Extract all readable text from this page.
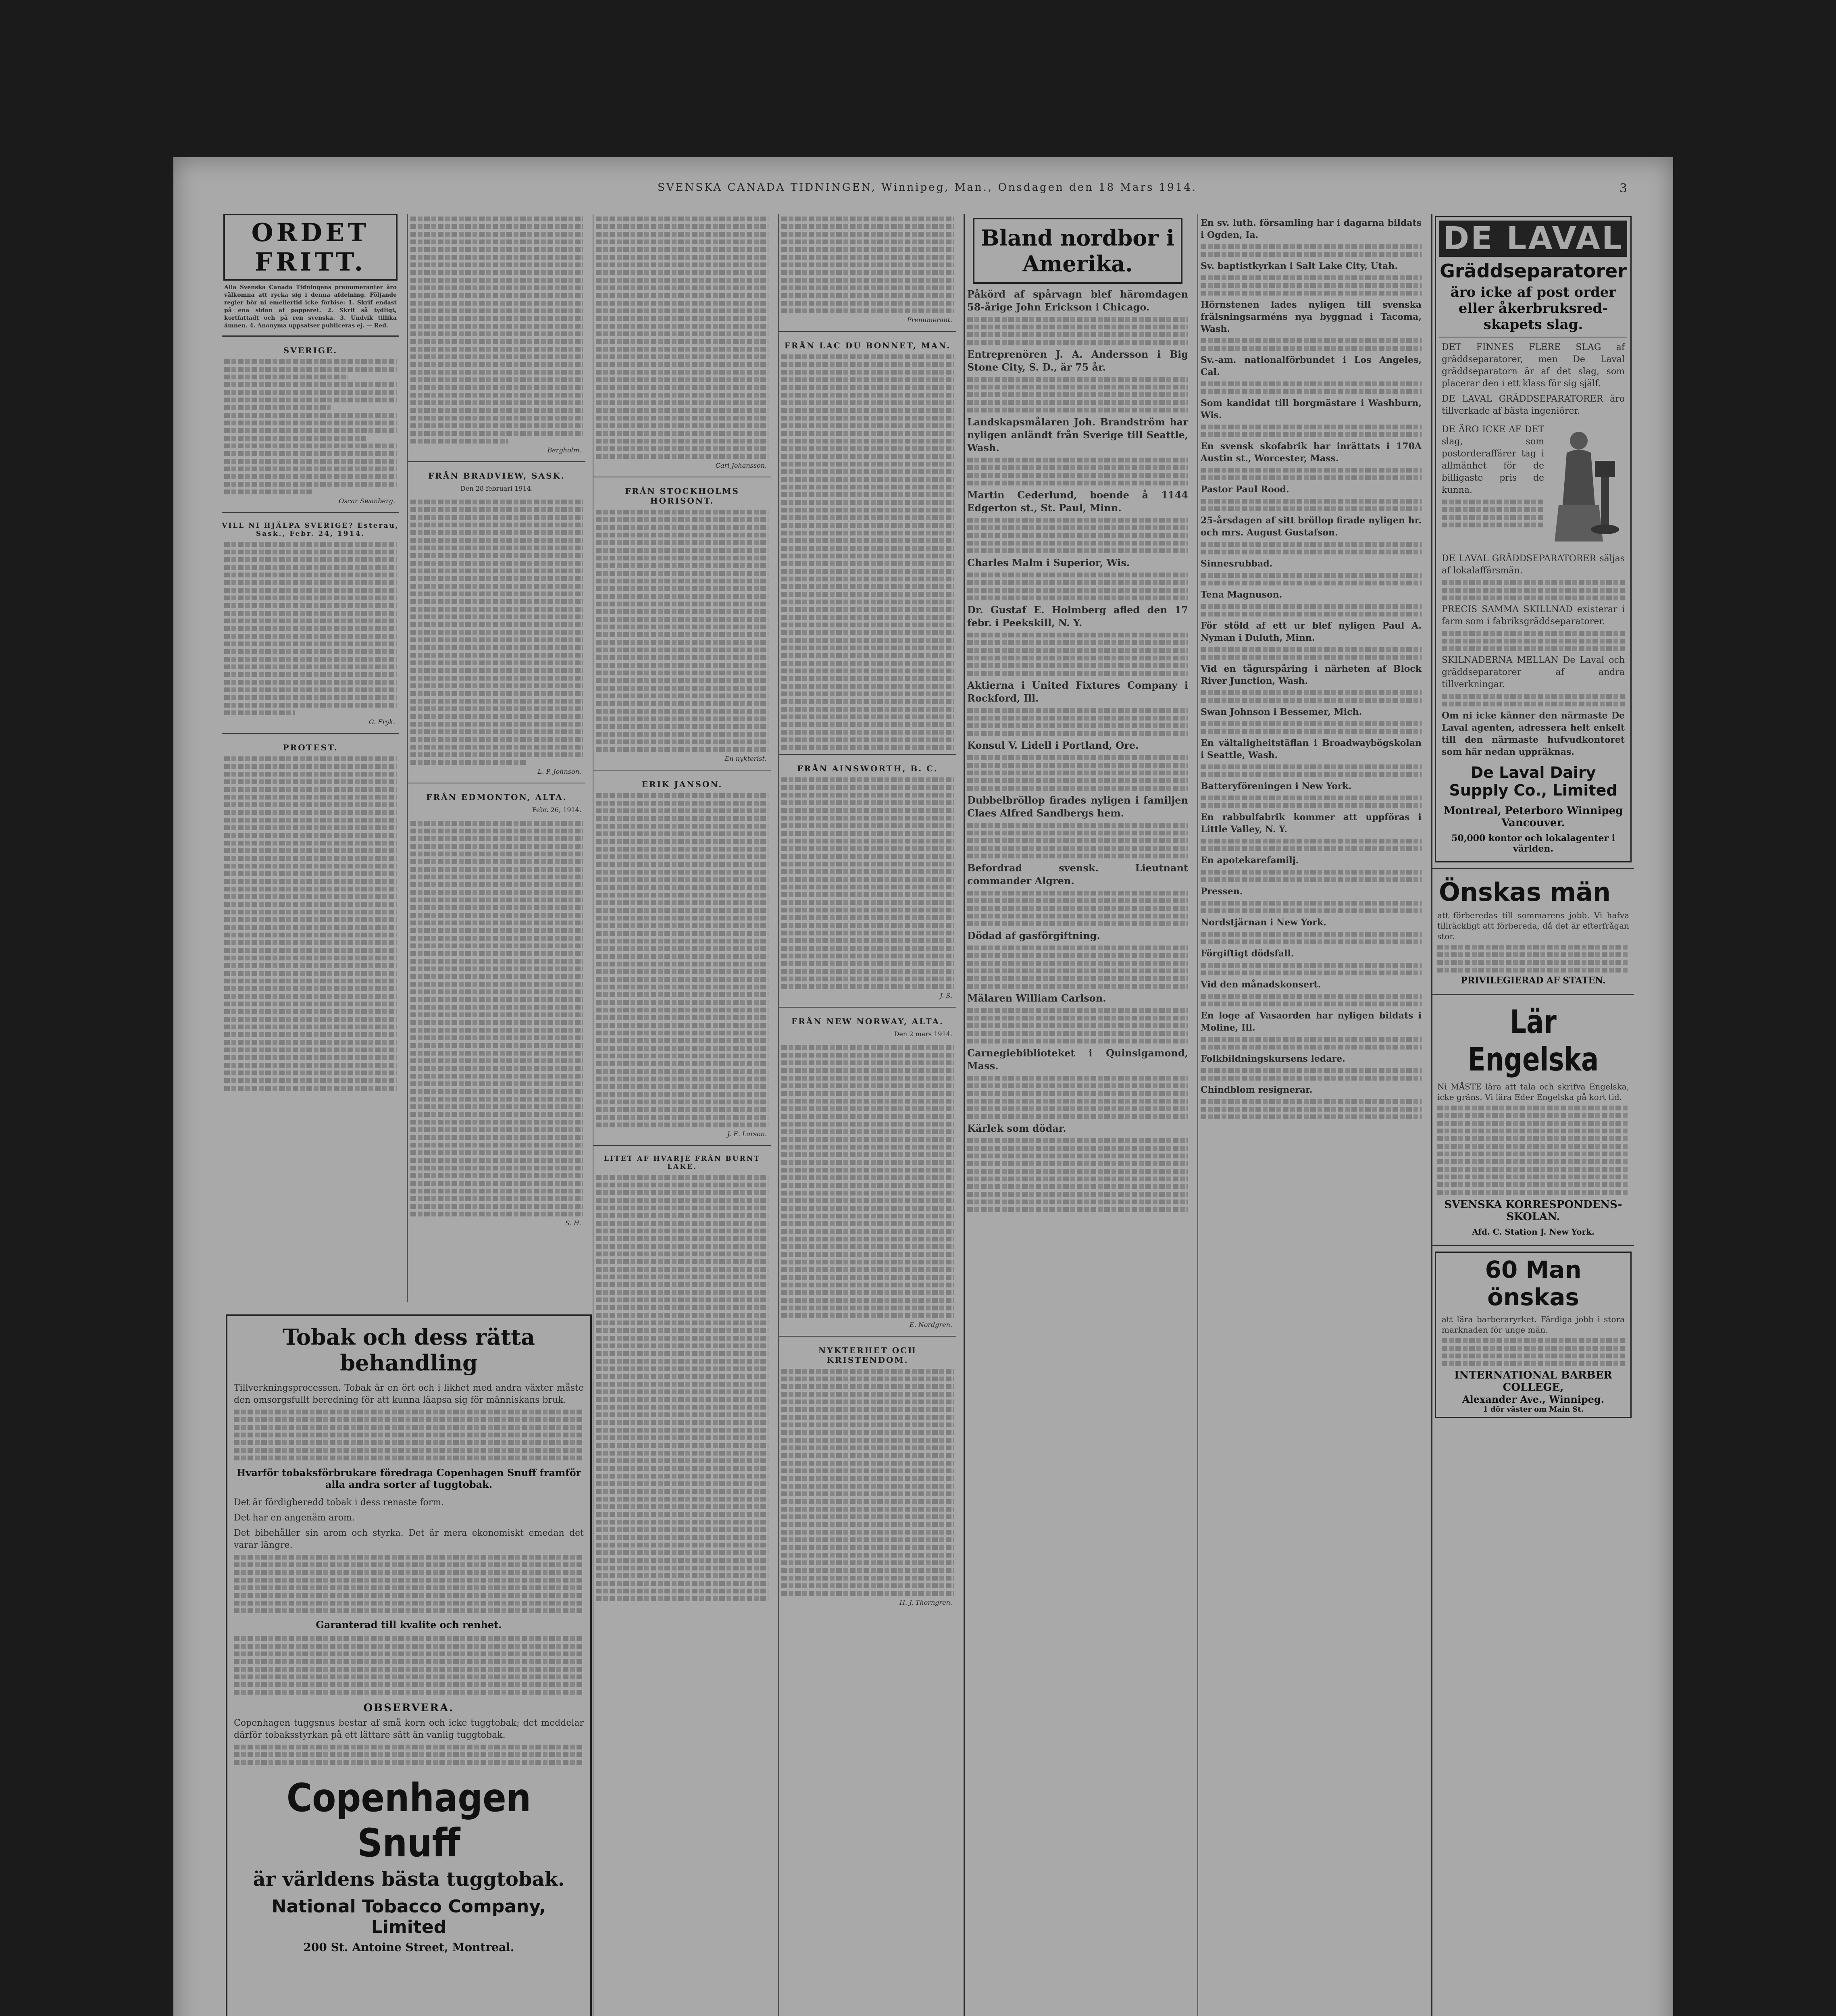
SVENSKA CANADA TIDNINGEN, Winnipeg, Man., Onsdagen den 18 Mars 1914.	3
ORDET FRITT.
Alla Svenska Canada Tidningens prenumeranter äro välkomna att rycka sig i denna afdelning. Följande regler bör ni emellertid icke förbise: 1. Skrif endast på ena sidan af papperet. 2. Skrif så tydligt, kortfattadt och på ren svenska. 3. Undvik tillika ämnen. 4. Anonyma uppsatser publiceras ej. — Red.
SVERIGE.
Oscar Swanberg.
VILL NI HJÄLPA SVERIGE? Esterau, Sask., Febr. 24, 1914.
G. Fryk.
PROTEST.
Bergholm.
FRÅN BRADVIEW, SASK.
Den 28 februari 1914.
L. P. Johnson.
FRÅN EDMONTON, ALTA.
Febr. 26, 1914.
S. H.
Tobak och dess rätta behandling
Tillverkningsprocessen. Tobak är en ört och i likhet med andra växter måste den omsorgsfullt beredning för att kunna läapsa sig för människans bruk.
Hvarför tobaksförbrukare föredraga Copenhagen Snuff framför alla andra sorter af tuggtobak.
Det är fördigberedd tobak i dess renaste form.
Det har en angenäm arom.
Det bibehåller sin arom och styrka. Det är mera ekonomiskt emedan det varar längre.
Garanterad till kvalite och renhet.
OBSERVERA.
Copenhagen tuggsnus bestar af små korn och icke tuggtobak; det meddelar därför tobaksstyrkan på ett lättare sätt än vanlig tuggtobak.
Copenhagen Snuff
är världens bästa tuggtobak.
National Tobacco Company, Limited
200 St. Antoine Street, Montreal.
Carl Johansson.
FRÅN STOCKHOLMS HORISONT.
En nykterist.
ERIK JANSON.
J. E. Larson.
LITET AF HVARJE FRÅN BURNT LAKE.
Prenumerant.
FRÅN LAC DU BONNET, MAN.
FRÅN AINSWORTH, B. C.
J. S.
FRÅN NEW NORWAY, ALTA.
Den 2 mars 1914.
E. Nordgren.
NYKTERHET OCH KRISTENDOM.
H. J. Thorngren.
Bland nordbor i Amerika.
Påkörd af spårvagn blef häromdagen 58-årige John Erickson i Chicago.
Entreprenören J. A. Andersson i Big Stone City, S. D., är 75 år.
Landskapsmålaren Joh. Brandström har nyligen anländt från Sverige till Seattle, Wash.
Martin Cederlund, boende å 1144 Edgerton st., St. Paul, Minn.
Charles Malm i Superior, Wis.
Dr. Gustaf E. Holmberg afled den 17 febr. i Peekskill, N. Y.
Aktierna i United Fixtures Company i Rockford, Ill.
Konsul V. Lidell i Portland, Ore.
Dubbelbröllop firades nyligen i familjen Claes Alfred Sandbergs hem.
Befordrad svensk. Lieutnant commander Algren.
Dödad af gasförgiftning.
Mälaren William Carlson.
Carnegiebiblioteket i Quinsigamond, Mass.
Kärlek som dödar.
En sv. luth. församling har i dagarna bildats i Ogden, Ia.
Sv. baptistkyrkan i Salt Lake City, Utah.
Hörnstenen lades nyligen till svenska frälsningsarméns nya byggnad i Tacoma, Wash.
Sv.-am. nationalförbundet i Los Angeles, Cal.
Som kandidat till borgmästare i Washburn, Wis.
En svensk skofabrik har inrättats i 170A Austin st., Worcester, Mass.
Pastor Paul Rood.
25-årsdagen af sitt bröllop firade nyligen hr. och mrs. August Gustafson.
Sinnesrubbad.
Tena Magnuson.
För stöld af ett ur blef nyligen Paul A. Nyman i Duluth, Minn.
Vid en tågurspåring i närheten af Block River Junction, Wash.
Swan Johnson i Bessemer, Mich.
En vältaligheitstäflan i Broadwaybögskolan i Seattle, Wash.
Batteryföreningen i New York.
En rabbulfabrik kommer att uppföras i Little Valley, N. Y.
En apotekarefamilj.
Pressen.
Nordstjärnan i New York.
Förgiftigt dödsfall.
Vid den månadskonsert.
En loge af Vasaorden har nyligen bildats i Moline, Ill.
Folkbildningskursens ledare.
Chindblom resignerar.
DE LAVAL
Gräddseparatorer
äro icke af post order eller åkerbruksred-skapets slag.
DET FINNES FLERE SLAG af gräddseparatorer, men De Laval gräddseparatorn är af det slag, som placerar den i ett klass för sig själf.
DE LAVAL GRÄDDSEPARATORER äro tillverkade af bästa ingeniörer.
DE ÄRO ICKE AF DET slag, som postorderaffärer tag i allmänhet för de billigaste pris de kunna.
DE LAVAL GRÄDDSEPARATORER säljas af lokalaffärsmän.
PRECIS SAMMA SKILLNAD existerar i farm som i fabriksgräddseparatorer.
SKILNADERNA MELLAN De Laval och gräddseparatorer af andra tillverkningar.
Om ni icke känner den närmaste De Laval agenten, adressera helt enkelt till den närmaste hufvudkontoret som här nedan uppräknas.
De Laval Dairy Supply Co., Limited
Montreal, Peterboro Winnipeg Vancouver.
50,000 kontor och lokalagenter i världen.
Önskas män
att förberedas till sommarens jobb. Vi hafva tillräckligt att förbereda, då det är efterfrågan stor.
PRIVILEGIERAD AF STATEN.
Lär Engelska
Ni MÅSTE lära att tala och skrifva Engelska, icke gräns. Vi lära Eder Engelska på kort tid.
SVENSKA KORRESPONDENS-SKOLAN.
Afd. C. Station J. New York.
60 Man önskas
att lära barberaryrket. Färdiga jobb i stora marknaden för unge män.
INTERNATIONAL BARBER COLLEGE,
Alexander Ave., Winnipeg.
1 dör väster om Main St.
